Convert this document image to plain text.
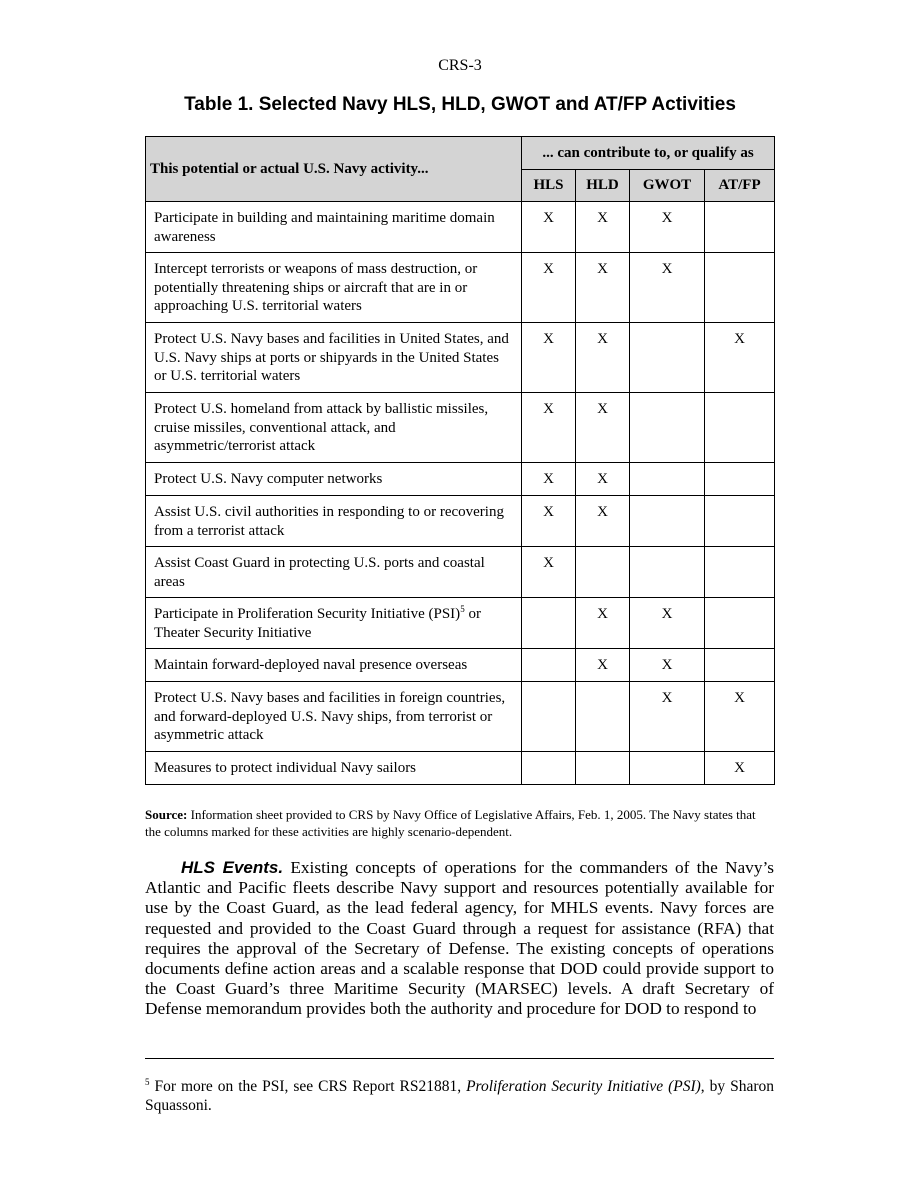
CRS-3
Table 1. Selected Navy HLS, HLD, GWOT and AT/FP Activities
This potential or actual U.S. Navy activity...	... can contribute to, or qualify as			
	HLS	HLD	GWOT	AT/FP
Participate in building and maintaining maritime domain awareness	X	X	X	
Intercept terrorists or weapons of mass destruction, or potentially threatening ships or aircraft that are in or approaching U.S. territorial waters	X	X	X	
Protect U.S. Navy bases and facilities in United States, and U.S. Navy ships at ports or shipyards in the United States or U.S. territorial waters	X	X		X
Protect U.S. homeland from attack by ballistic missiles, cruise missiles, conventional attack, and asymmetric/terrorist attack	X	X		
Protect U.S. Navy computer networks	X	X		
Assist U.S. civil authorities in responding to or recovering from a terrorist attack	X	X		
Assist Coast Guard in protecting U.S. ports and coastal areas	X			
Participate in Proliferation Security Initiative (PSI)$^5$ or Theater Security Initiative		X	X	
Maintain forward-deployed naval presence overseas		X	X	
Protect U.S. Navy bases and facilities in foreign countries, and forward-deployed U.S. Navy ships, from terrorist or asymmetric attack			X	X
Measures to protect individual Navy sailors				X
Source: Information sheet provided to CRS by Navy Office of Legislative Affairs, Feb. 1, 2005. The Navy states that the columns marked for these activities are highly scenario-dependent.
HLS Events. Existing concepts of operations for the commanders of the Navy’s Atlantic and Pacific fleets describe Navy support and resources potentially available for use by the Coast Guard, as the lead federal agency, for MHLS events. Navy forces are requested and provided to the Coast Guard through a request for assistance (RFA) that requires the approval of the Secretary of Defense. The existing concepts of operations documents define action areas and a scalable response that DOD could provide support to the Coast Guard’s three Maritime Security (MARSEC) levels. A draft Secretary of Defense memorandum provides both the authority and procedure for DOD to respond to
$^5$ For more on the PSI, see CRS Report RS21881, Proliferation Security Initiative (PSI), by Sharon Squassoni.
